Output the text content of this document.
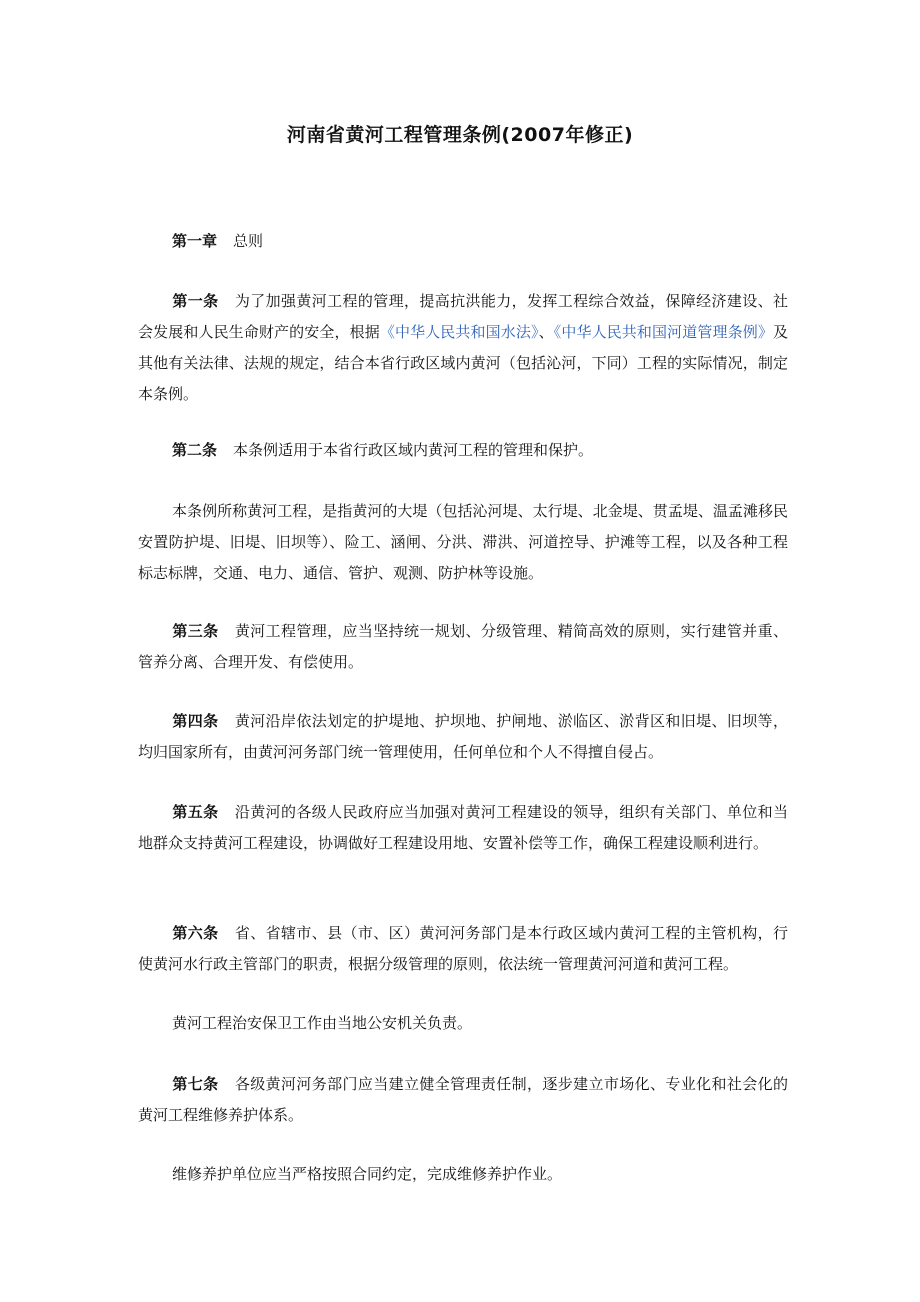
河南省黄河工程管理条例(2007年修正)

第一章 总则

第一条 为了加强黄河工程的管理，提高抗洪能力，发挥工程综合效益，保障经济建设、社会发展和人民生命财产的安全，根据《中华人民共和国水法》、《中华人民共和国河道管理条例》及其他有关法律、法规的规定，结合本省行政区域内黄河（包括沁河，下同）工程的实际情况，制定本条例。

第二条 本条例适用于本省行政区域内黄河工程的管理和保护。

本条例所称黄河工程，是指黄河的大堤（包括沁河堤、太行堤、北金堤、贯孟堤、温孟滩移民安置防护堤、旧堤、旧坝等）、险工、涵闸、分洪、滞洪、河道控导、护滩等工程，以及各种工程标志标牌，交通、电力、通信、管护、观测、防护林等设施。

第三条 黄河工程管理，应当坚持统一规划、分级管理、精简高效的原则，实行建管并重、管养分离、合理开发、有偿使用。

第四条 黄河沿岸依法划定的护堤地、护坝地、护闸地、淤临区、淤背区和旧堤、旧坝等，均归国家所有，由黄河河务部门统一管理使用，任何单位和个人不得擅自侵占。

第五条 沿黄河的各级人民政府应当加强对黄河工程建设的领导，组织有关部门、单位和当地群众支持黄河工程建设，协调做好工程建设用地、安置补偿等工作，确保工程建设顺利进行。

第六条 省、省辖市、县（市、区）黄河河务部门是本行政区域内黄河工程的主管机构，行使黄河水行政主管部门的职责，根据分级管理的原则，依法统一管理黄河河道和黄河工程。

黄河工程治安保卫工作由当地公安机关负责。

第七条 各级黄河河务部门应当建立健全管理责任制，逐步建立市场化、专业化和社会化的黄河工程维修养护体系。

维修养护单位应当严格按照合同约定，完成维修养护作业。
